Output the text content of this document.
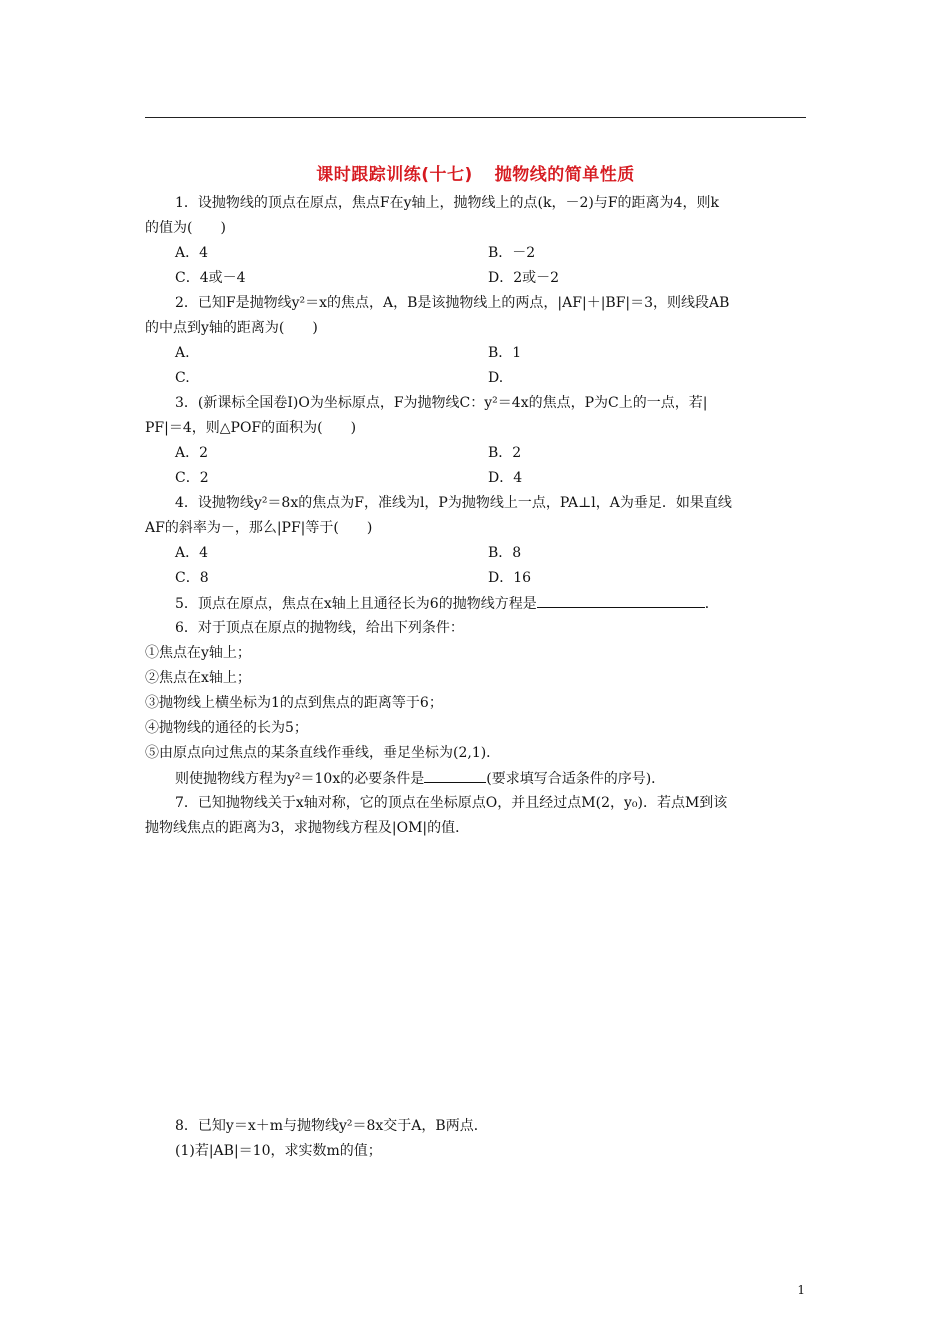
课时跟踪训练(十七) 抛物线的简单性质
1．设抛物线的顶点在原点，焦点F在y轴上，抛物线上的点(k，－2)与F的距离为4，则k
的值为(　　)
A．4	B．－2
C．4或－4	D．2或－2
2．已知F是抛物线y²＝x的焦点，A，B是该抛物线上的两点，|AF|＋|BF|＝3，则线段AB
的中点到y轴的距离为(　　)
A.	B．1
C.	D.
3．(新课标全国卷Ⅰ)O为坐标原点，F为抛物线C：y²＝4x的焦点，P为C上的一点，若|
PF|＝4，则△POF的面积为(　　)
A．2	B．2
C．2	D．4
4．设抛物线y²＝8x的焦点为F，准线为l，P为抛物线上一点，PA⊥l，A为垂足．如果直线
AF的斜率为－，那么|PF|等于(　　)
A．4	B．8
C．8	D．16
5．顶点在原点，焦点在x轴上且通径长为6的抛物线方程是	．
6．对于顶点在原点的抛物线，给出下列条件：
①焦点在y轴上；
②焦点在x轴上；
③抛物线上横坐标为1的点到焦点的距离等于6；
④抛物线的通径的长为5；
⑤由原点向过焦点的某条直线作垂线，垂足坐标为(2,1)．
则使抛物线方程为y²＝10x的必要条件是	(要求填写合适条件的序号)．
7．已知抛物线关于x轴对称，它的顶点在坐标原点O，并且经过点M(2，y₀)．若点M到该
抛物线焦点的距离为3，求抛物线方程及|OM|的值．
8．已知y＝x＋m与抛物线y²＝8x交于A，B两点．
(1)若|AB|＝10，求实数m的值；
1
